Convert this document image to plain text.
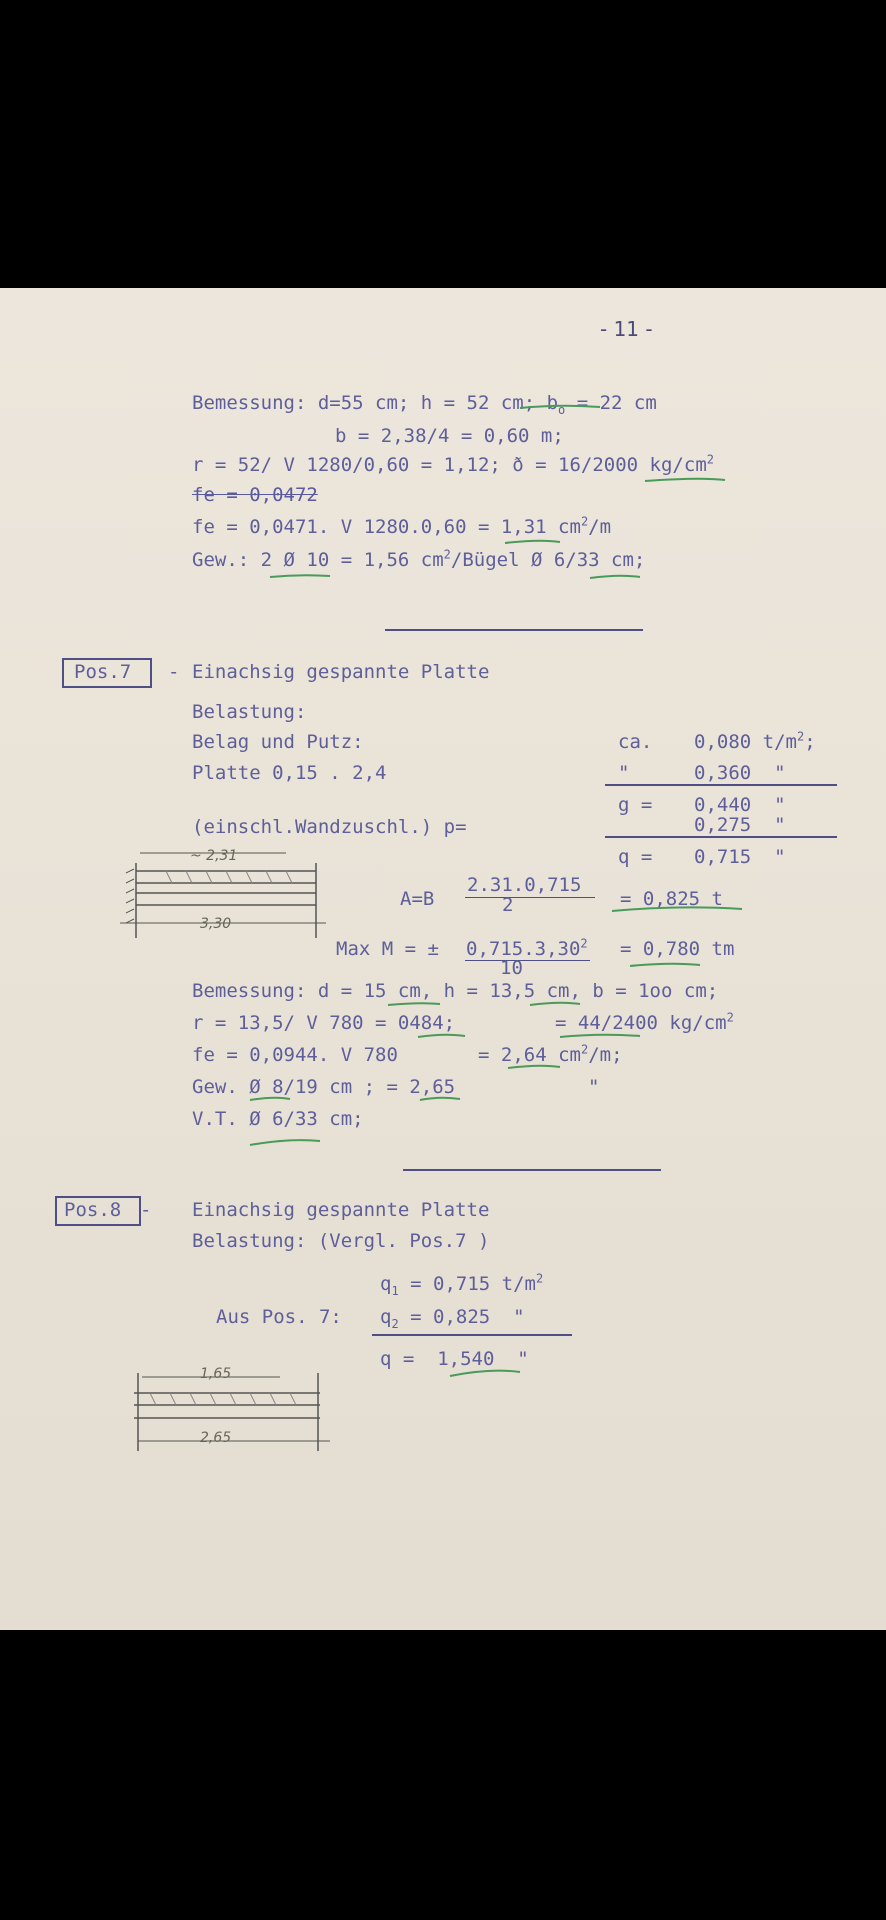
- 11 -
Bemessung: d=55 cm; h = 52 cm; $b_o = 22$ cm
b = 2,38/4 = 0,60 m;
r = 52/ V 1280/0,60 = 1,12; ð = 16/2000 $kg/cm^2$
fe = 0,0472
fe = 0,0471. V 1280.0,60 = 1,31 $cm^2/m$
Gew.: 2 Ø 10 = 1,56 $cm^2$/Bügel Ø 6/33 cm;
Pos.7 - Einachsig gespannte Platte
Belastung:
Belag und Putz:	ca. 0,080 $t/m^2$;
Platte 0,15 . 2,4	"	0,360  "
g = 0,440  "
(einschl.Wandzuschl.) p=	0,275  "
q = 0,715  "
~ 2,31
3,30
A=B
2.31.0,715
2	= 0,825 t
Max M = ± $0,715.3,30^2$
10
= 0,780 tm
Bemessung: d = 15 cm, h = 13,5 cm, b = 1oo cm;
r = 13,5/ V 780 = 0484;	= 44/2400 $kg/cm^2$
fe = 0,0944. V 780	= 2,64 $cm^2/m$;
Gew. Ø 8/19 cm ; = 2,65	"
V.T. Ø 6/33 cm;
Pos.8 - Einachsig gespannte Platte
Belastung: (Vergl. Pos.7 )
$q_1 = 0,715$ $t/m^2$
Aus Pos. 7: $q_2 = 0,825$  "
q =  1,540  "
1,65
2,65
